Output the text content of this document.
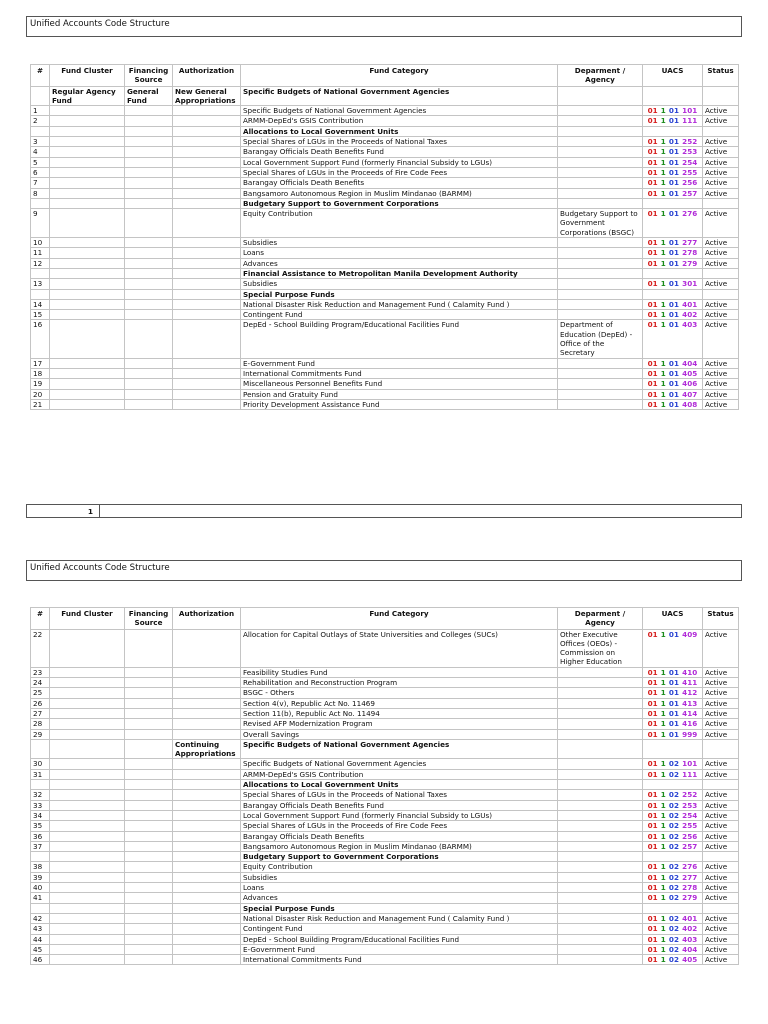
Unified Accounts Code Structure
#	Fund Cluster	Financing Source	Authorization	Fund Category	Deparment / Agency	UACS	Status
	Regular Agency Fund	General Fund	New General Appropriations	Specific Budgets of National Government Agencies			
1				Specific Budgets of National Government Agencies		01 1 01 101	Active
2				ARMM-DepEd's GSIS Contribution		01 1 01 111	Active
				Allocations to Local Government Units			
3				Special Shares of LGUs in the Proceeds of National Taxes		01 1 01 252	Active
4				Barangay Officials Death Benefits Fund		01 1 01 253	Active
5				Local Government Support Fund (formerly Financial Subsidy to LGUs)		01 1 01 254	Active
6				Special Shares of LGUs in the Proceeds of Fire Code Fees		01 1 01 255	Active
7				Barangay Officials Death Benefits		01 1 01 256	Active
8				Bangsamoro Autonomous Region in Muslim Mindanao (BARMM)		01 1 01 257	Active
				Budgetary Support to Government Corporations			
9				Equity Contribution	Budgetary Support to Government Corporations (BSGC)	01 1 01 276	Active
10				Subsidies		01 1 01 277	Active
11				Loans		01 1 01 278	Active
12				Advances		01 1 01 279	Active
				Financial Assistance to Metropolitan Manila Development Authority			
13				Subsidies		01 1 01 301	Active
				Special Purpose Funds			
14				National Disaster Risk Reduction and Management Fund ( Calamity Fund )		01 1 01 401	Active
15				Contingent Fund		01 1 01 402	Active
16				DepEd - School Building Program/Educational Facilities Fund	Department of Education (DepEd) - Office of the Secretary	01 1 01 403	Active
17				E-Government Fund		01 1 01 404	Active
18				International Commitments Fund		01 1 01 405	Active
19				Miscellaneous Personnel Benefits Fund		01 1 01 406	Active
20				Pension and Gratuity Fund		01 1 01 407	Active
21				Priority Development Assistance Fund		01 1 01 408	Active
1
Unified Accounts Code Structure
#	Fund Cluster	Financing Source	Authorization	Fund Category	Deparment / Agency	UACS	Status
22				Allocation for Capital Outlays of State Universities and Colleges (SUCs)	Other Executive Offices (OEOs) - Commission on Higher Education	01 1 01 409	Active
23				Feasibility Studies Fund		01 1 01 410	Active
24				Rehabilitation and Reconstruction Program		01 1 01 411	Active
25				BSGC - Others		01 1 01 412	Active
26				Section 4(v), Republic Act No. 11469		01 1 01 413	Active
27				Section 11(b), Republic Act No. 11494		01 1 01 414	Active
28				Revised AFP Modernization Program		01 1 01 416	Active
29				Overall Savings		01 1 01 999	Active
			Continuing Appropriations	Specific Budgets of National Government Agencies			
30				Specific Budgets of National Government Agencies		01 1 02 101	Active
31				ARMM-DepEd's GSIS Contribution		01 1 02 111	Active
				Allocations to Local Government Units			
32				Special Shares of LGUs in the Proceeds of National Taxes		01 1 02 252	Active
33				Barangay Officials Death Benefits Fund		01 1 02 253	Active
34				Local Government Support Fund (formerly Financial Subsidy to LGUs)		01 1 02 254	Active
35				Special Shares of LGUs in the Proceeds of Fire Code Fees		01 1 02 255	Active
36				Barangay Officials Death Benefits		01 1 02 256	Active
37				Bangsamoro Autonomous Region in Muslim Mindanao (BARMM)		01 1 02 257	Active
				Budgetary Support to Government Corporations			
38				Equity Contribution		01 1 02 276	Active
39				Subsidies		01 1 02 277	Active
40				Loans		01 1 02 278	Active
41				Advances		01 1 02 279	Active
				Special Purpose Funds			
42				National Disaster Risk Reduction and Management Fund ( Calamity Fund )		01 1 02 401	Active
43				Contingent Fund		01 1 02 402	Active
44				DepEd - School Building Program/Educational Facilities Fund		01 1 02 403	Active
45				E-Government Fund		01 1 02 404	Active
46				International Commitments Fund		01 1 02 405	Active
